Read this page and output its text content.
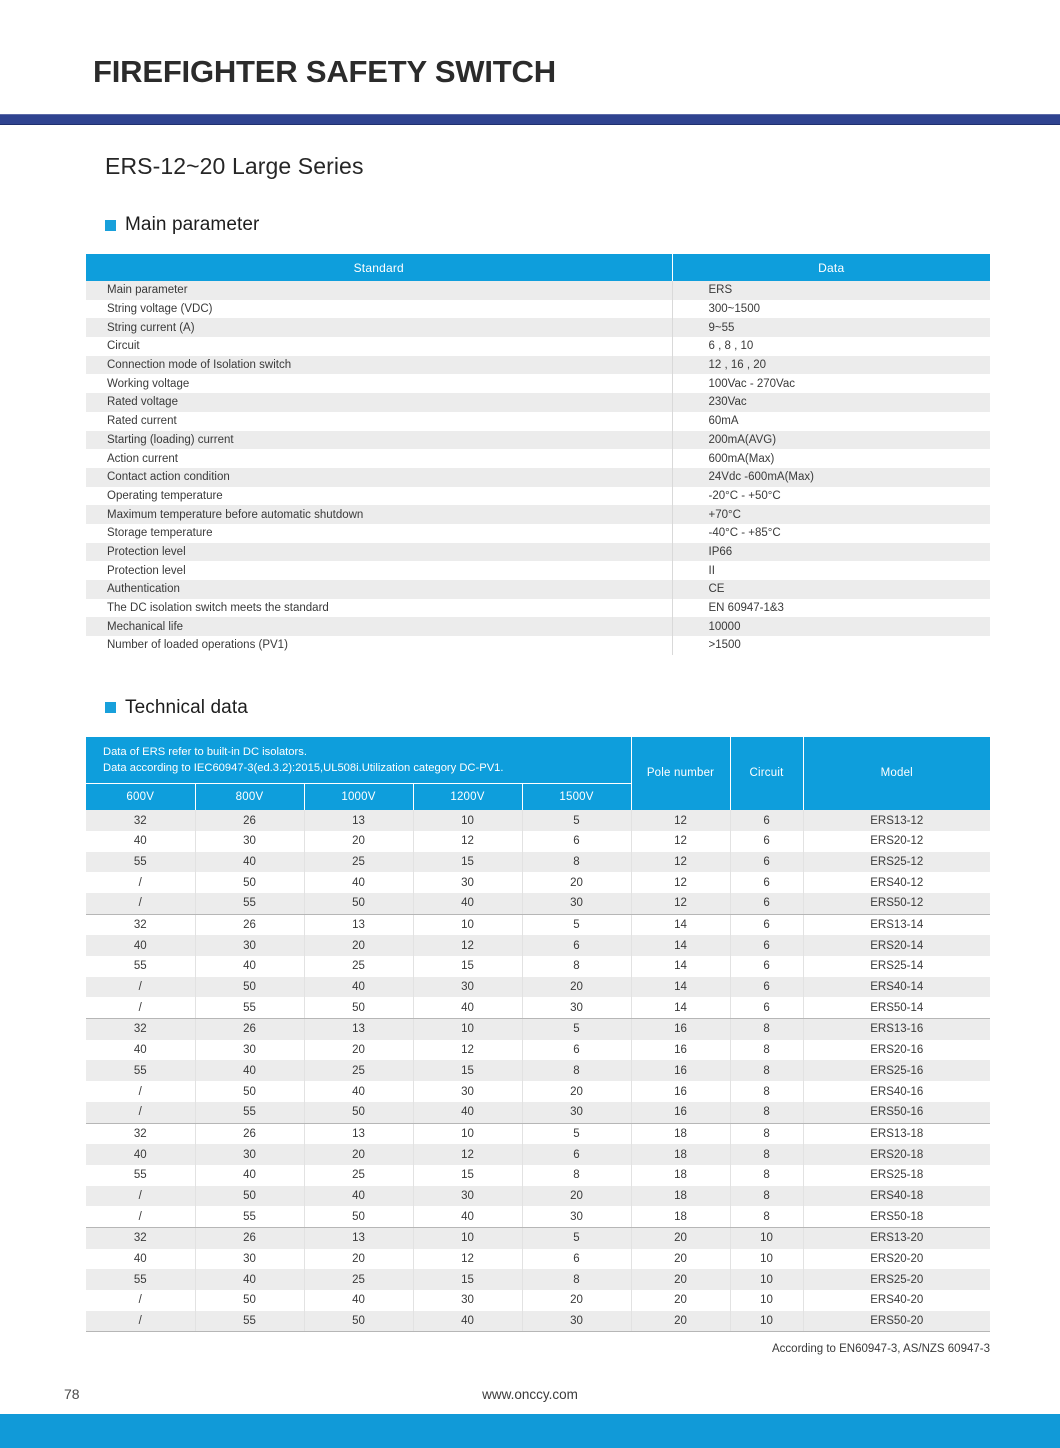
FIREFIGHTER SAFETY SWITCH
ERS-12~20 Large Series
Main parameter
Standard	Data
Main parameter	ERS
String voltage (VDC)	300~1500
String current (A)	9~55
Circuit	6 , 8 , 10
Connection mode of Isolation switch	12 , 16 , 20
Working voltage	100Vac - 270Vac
Rated voltage	230Vac
Rated current	60mA
Starting (loading) current	200mA(AVG)
Action current	600mA(Max)
Contact action condition	24Vdc -600mA(Max)
Operating temperature	-20°C - +50°C
Maximum temperature before automatic shutdown	+70°C
Storage temperature	-40°C - +85°C
Protection level	IP66
Protection level	II
Authentication	CE
The DC isolation switch meets the standard	EN 60947-1&3
Mechanical life	10000
Number of loaded operations (PV1)	>1500
Technical data
Data of ERS refer to built-in DC isolators.
Data according to IEC60947-3(ed.3.2):2015,UL508i.Utilization category DC-PV1.					Pole number	Circuit	Model
600V	800V	1000V	1200V	1500V			
32	26	13	10	5	12	6	ERS13-12
40	30	20	12	6	12	6	ERS20-12
55	40	25	15	8	12	6	ERS25-12
/	50	40	30	20	12	6	ERS40-12
/	55	50	40	30	12	6	ERS50-12
32	26	13	10	5	14	6	ERS13-14
40	30	20	12	6	14	6	ERS20-14
55	40	25	15	8	14	6	ERS25-14
/	50	40	30	20	14	6	ERS40-14
/	55	50	40	30	14	6	ERS50-14
32	26	13	10	5	16	8	ERS13-16
40	30	20	12	6	16	8	ERS20-16
55	40	25	15	8	16	8	ERS25-16
/	50	40	30	20	16	8	ERS40-16
/	55	50	40	30	16	8	ERS50-16
32	26	13	10	5	18	8	ERS13-18
40	30	20	12	6	18	8	ERS20-18
55	40	25	15	8	18	8	ERS25-18
/	50	40	30	20	18	8	ERS40-18
/	55	50	40	30	18	8	ERS50-18
32	26	13	10	5	20	10	ERS13-20
40	30	20	12	6	20	10	ERS20-20
55	40	25	15	8	20	10	ERS25-20
/	50	40	30	20	20	10	ERS40-20
/	55	50	40	30	20	10	ERS50-20
According to EN60947-3, AS/NZS 60947-3
78	www.onccy.com
